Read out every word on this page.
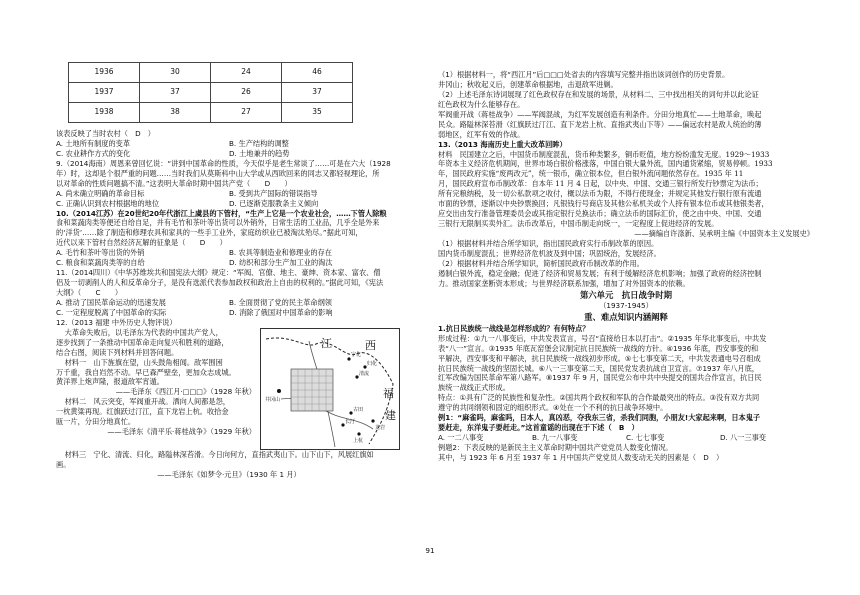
1936	30	24	46
1937	37	26	37
1938	38	27	35

该表反映了当时农村（　D　）

A. 土地所有制度的变革	B. 生产结构的调整
C. 农业耕作方式的变化	D. 土地兼并的趋势

9.（2014海南）周恩来曾回忆说：“讲到中国革命的性质，今天似乎是老生常谈了……可是在六大（1928

年）时，这却是个很严重的问题……当时我们从莫斯科中山大学或从西欧回来的同志又都轻视理论，所

以对革命的性质问题搞不清。”这表明大革命时期中国共产党（　　D　　）

A. 尚未确立明确的革命目标	B. 受到共产国际的错误指导
C. 正确认识到农村根据地的地位	D. 已逐渐克服教条主义倾向

10.（2014江苏）在20世纪20年代浙江上虞县的下管村，“生产上它是一个农业社会，……下管人除粮

食和菜蔬肉类等便还自给自足，并有毛竹和茶叶等出货可以外销外，日常生活的工业品，几乎全是外来

的‘洋货’……除了制造和修理农具和家具的一些手工业外，家庭纺织业已被淘汰殆尽。”据此可知，

近代以来下管村自然经济瓦解的征象是（　　D　　）

A. 毛竹和茶叶等出货的外销	B. 农具等制造业和修理业的存在
C. 粮食和菜蔬肉类等的自给	D. 纺织和部分生产加工业的淘汰

11.（2014四川）《中华苏维埃共和国宪法大纲》规定：“军阀、官僚、地主、豪绅、资本家、富农、僧

侣及一切剥削人的人和反革命分子，是没有选派代表参加政权和政治上自由的权利的。”据此可知，《宪法

大纲》（　　C　　）

A. 推动了国民革命运动的迅速发展	B. 全面贯彻了党的民主革命纲领
C. 一定程度脱离了中国革命的实际	D. 消除了俄国对中国革命的影响

12.（2013 福建 中外历史人物评说）

大革命失败后，以毛泽东为代表的中国共产党人，

逐步找到了一条推动中国革命走向复兴和胜利的道路，

结合右图，阅读下列材料并回答问题。

材料一　山下旌旗在望，山头鼓角相闻。敌军围困

万千重，我自岿然不动。早已森严壁垒，更加众志成城。

黄洋界上炮声隆，报道敌军宵遁。

——毛泽东《西江月·□□□》（1928 年秋）

材料二　风云突变，军阀重开战。洒向人间都是怨，

一枕黄粱再现。红旗跃过汀江，直下龙岩上杭。收拾金

瓯一片，分田分地真忙。

——毛泽东《清平乐·蒋桂战争》（1929 年秋）

江	西
福
建
井冈山
宁化
清流
归化
长汀
上杭
龙岩
古田

材料三　宁化、清流、归化，路隘林深苔滑。今日向何方，直指武夷山下。山下山下，风展红旗如

画。

——毛泽东《如梦令·元旦》（1930 年 1 月）

（1）根据材料一，将“西江月”后□□□处省去的内容填写完整并指出该词创作的历史背景。

井冈山；秋收起义后，创建革命根据地，击退敌军进剿。

（2）上述毛泽东诗词展现了红色政权存在和发展的场景，从材料二、三中找出相关的词句并以此论证

红色政权为什么能够存在。

军阀重开战（蒋桂战争）——军阀混战，为红军发展创造有利条件。分田分地真忙——土地革命，唤起

民众。路隘林深苔滑（红旗跃过汀江、直下龙岩上杭、直指武夷山下等）——偏远农村是敌人统治的薄

弱地区，红军有效的作战。

13.（2013 海南历史上重大改革回眸）

材料　民国建立之后，中国货币制度混乱，货币种类繁多，铜币贬值，地方纷纷滥发无度。1929～1933

年资本主义经济危机期间，世界市场白银价格涨落，中国白银大量外流，国内通货紧缩，贸易停顿。1933

年，国民政府实施“废两改元”，统一银币，确立银本位，但白银外流问题依然存在。1935 年 11

月，国民政府宣布币制改革：自本年 11 月 4 日起，以中央、中国、交通三银行所发行钞票定为法币；

所有完粮纳税，及一切公私款项之收付，概以法币为限，不得行使现金；并规定其他发行银行原有流通

市面的钞票，逐渐以中央钞票换回；凡银钱行号商店及其他公私机关或个人持有银本位币或其他银类者，

应交出由发行准备管理委员会或其指定银行兑换法币；确立法币的国际汇价，使之由中央、中国、交通

三银行无限制买卖外汇。法币改革后，中国币制走向统一，一定程度上促进经济的发展。

——摘编自许涤新、吴承明主编《中国资本主义发展史》

（1）根据材料并结合所学知识，指出国民政府实行币制改革的原因。

国内货币制度混乱；世界经济危机波及到中国；巩固统治，发展经济。

（2）根据材料并结合所学知识，简析国民政府币制改革的作用。

遏制白银外流，稳定金融；促进了经济和贸易发展；有利于缓解经济危机影响；加强了政府的经济控制

力。推动国家垄断资本形成；与世界经济联系加强，增加了对外国资本的依赖。

第六单元　抗日战争时期

（1937-1945）

重、难点知识内涵阐释

1.抗日民族统一战线是怎样形成的？有何特点？

形成过程：①九一八事变后，中共发表宣言，号召“直接给日本以打击”。②1935 年华北事变后，中共发

表“八一”宣言。③1935 年底瓦窑堡会议制定抗日民族统一战线的方针。④1936 年底，西安事变的和

平解决，西安事变和平解决，抗日民族统一战线初步形成。⑤七七事变第二天，中共发表通电号召组成

抗日民族统一战线的坚固长城。⑥八一三事变第二天，国民党发表抗战自卫宣言。⑦1937 年八月底，

红军改编为国民革命军第八路军。⑧1937 年 9 月，国民党公布中共中央提交的国共合作宣言，抗日民

族统一战线正式形成。

特点：①具有广泛的民族性和复杂性。②国共两个政权和军队的合作最最突出的特点。③没有双方共同

遵守的共同纲领和固定的组织形式。④处在一个不利的抗日战争环境中。

例1：“麻雀吗，麻雀吗，日本人，真凶恶，夺我东三省，杀我们同胞，小朋友!大家起来啊，日本鬼子

要赶走，东洋鬼子要赶走。”这首童谣的出现在于下述（　B　）

A. 一二八事变	B. 九一八事变	C. 七七事变	D. 八一三事变

例题2：下表反映的是新民主主义革命时期中国共产党党员人数变化情况。

其中，与 1923 年 6 月至 1937 年 1 月中国共产党党员人数变动无关的因素是（　D　）

91
